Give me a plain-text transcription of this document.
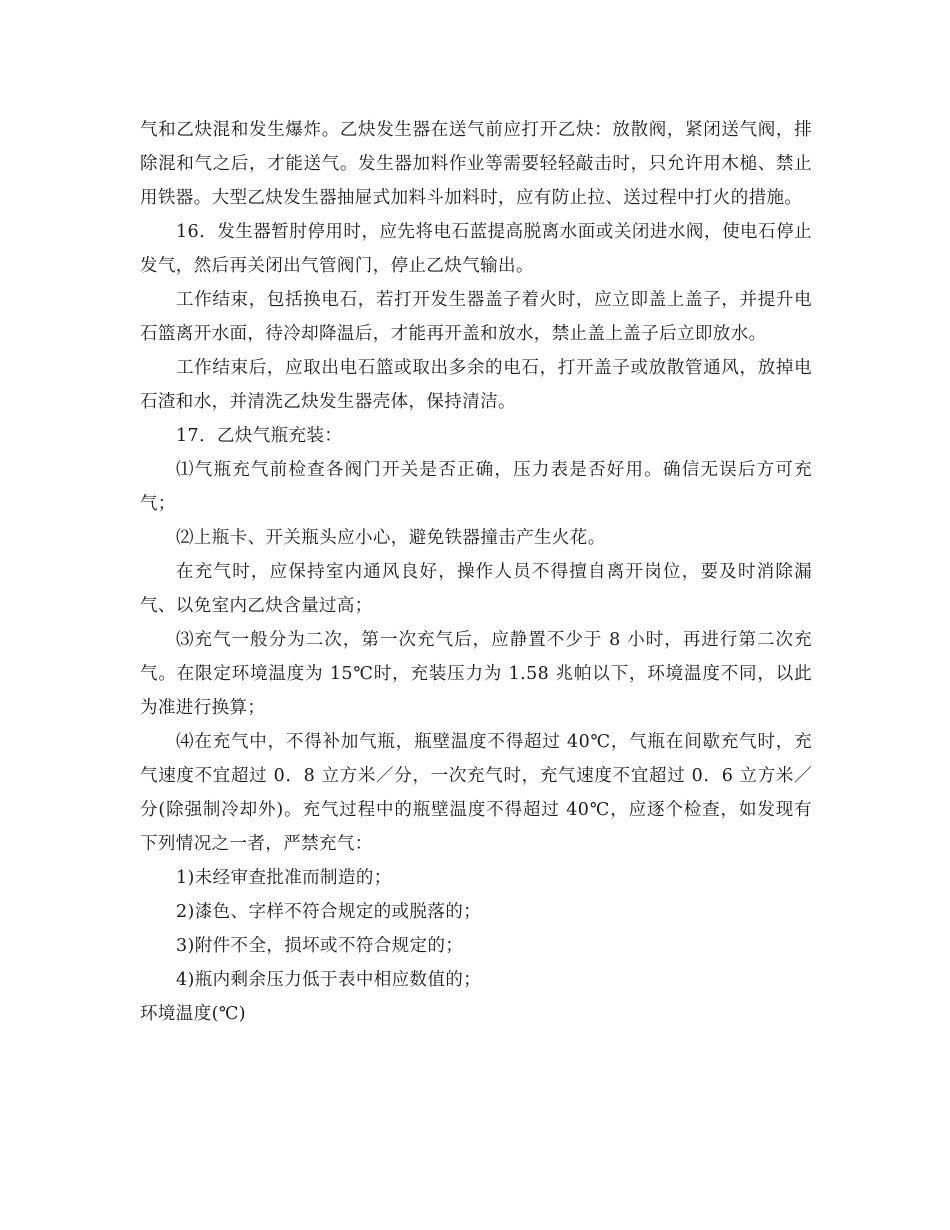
气和乙炔混和发生爆炸。乙炔发生器在送气前应打开乙炔：放散阀，紧闭送气阀，排除混和气之后，才能送气。发生器加料作业等需要轻轻敲击时，只允许用木槌、禁止用铁器。大型乙炔发生器抽屉式加料斗加料时，应有防止拉、送过程中打火的措施。

16．发生器暂肘停用时，应先将电石蓝提高脱离水面或关闭进水阀，使电石停止发气，然后再关闭出气管阀门，停止乙炔气输出。

工作结束，包括换电石，若打开发生器盖子着火时，应立即盖上盖子，并提升电石篮离开水面，待冷却降温后，才能再开盖和放水，禁止盖上盖子后立即放水。

工作结束后，应取出电石篮或取出多余的电石，打开盖子或放散管通风，放掉电石渣和水，并清洗乙炔发生器壳体，保持清洁。

17．乙炔气瓶充装：

⑴气瓶充气前检查各阀门开关是否正确，压力表是否好用。确信无误后方可充气；

⑵上瓶卡、开关瓶头应小心，避免铁器撞击产生火花。

在充气时，应保持室内通风良好，操作人员不得擅自离开岗位，要及时消除漏气、以免室内乙炔含量过高；

⑶充气一般分为二次，第一次充气后，应静置不少于 8 小时，再进行第二次充气。在限定环境温度为 15℃时，充装压力为 1.58 兆帕以下，环境温度不同，以此为准进行换算；

⑷在充气中，不得补加气瓶，瓶壁温度不得超过 40℃，气瓶在间歇充气时，充气速度不宜超过 0．8 立方米／分，一次充气时，充气速度不宜超过 0．6 立方米／分(除强制冷却外)。充气过程中的瓶壁温度不得超过 40℃，应逐个检查，如发现有下列情况之一者，严禁充气：

1)未经审查批准而制造的；

2)漆色、字样不符合规定的或脱落的；

3)附件不全，损坏或不符合规定的；

4)瓶内剩余压力低于表中相应数值的；

环境温度(℃)
